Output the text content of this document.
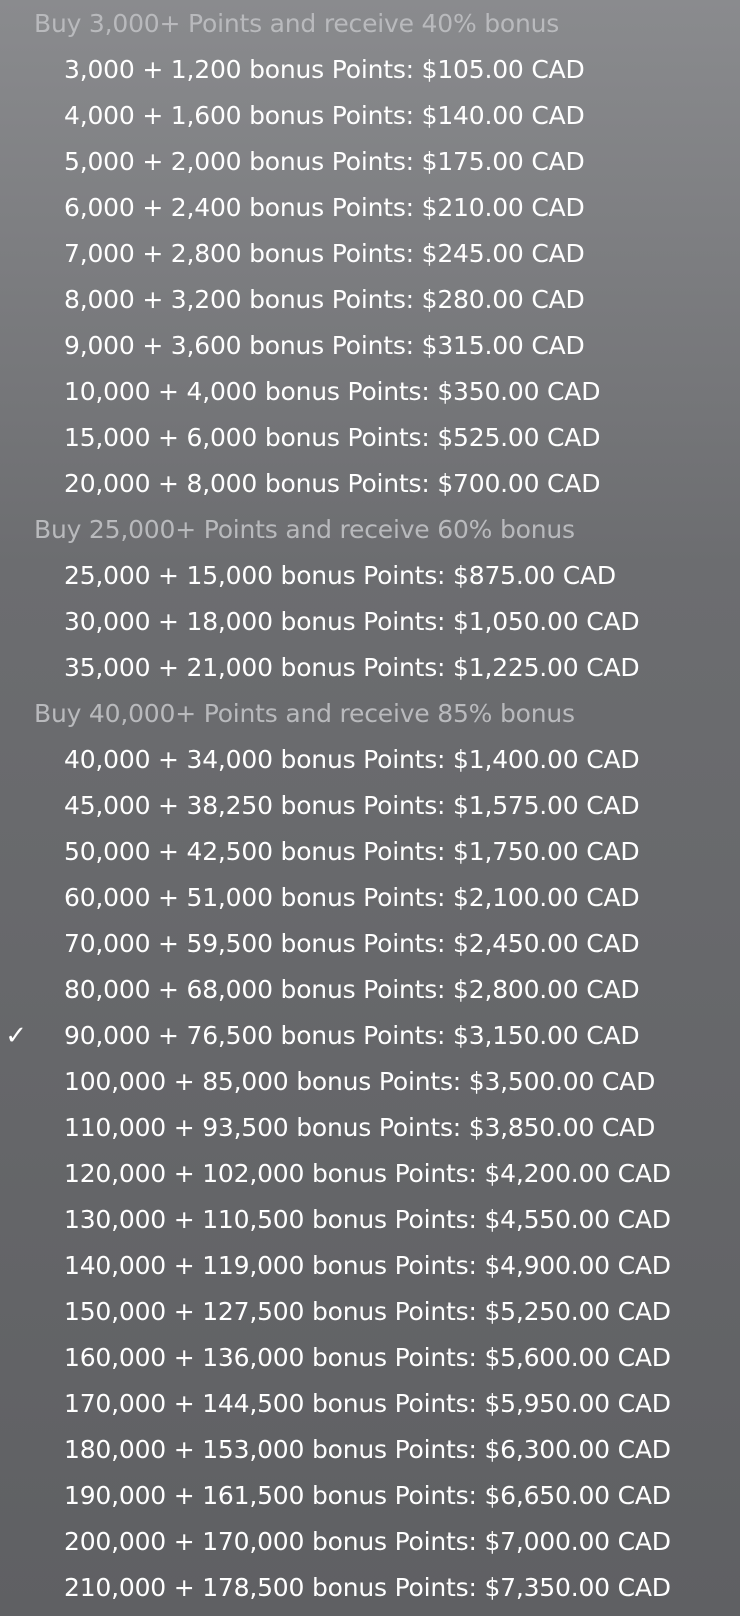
Buy 3,000+ Points and receive 40% bonus
3,000 + 1,200 bonus Points: $105.00 CAD
4,000 + 1,600 bonus Points: $140.00 CAD
5,000 + 2,000 bonus Points: $175.00 CAD
6,000 + 2,400 bonus Points: $210.00 CAD
7,000 + 2,800 bonus Points: $245.00 CAD
8,000 + 3,200 bonus Points: $280.00 CAD
9,000 + 3,600 bonus Points: $315.00 CAD
10,000 + 4,000 bonus Points: $350.00 CAD
15,000 + 6,000 bonus Points: $525.00 CAD
20,000 + 8,000 bonus Points: $700.00 CAD
Buy 25,000+ Points and receive 60% bonus
25,000 + 15,000 bonus Points: $875.00 CAD
30,000 + 18,000 bonus Points: $1,050.00 CAD
35,000 + 21,000 bonus Points: $1,225.00 CAD
Buy 40,000+ Points and receive 85% bonus
40,000 + 34,000 bonus Points: $1,400.00 CAD
45,000 + 38,250 bonus Points: $1,575.00 CAD
50,000 + 42,500 bonus Points: $1,750.00 CAD
60,000 + 51,000 bonus Points: $2,100.00 CAD
70,000 + 59,500 bonus Points: $2,450.00 CAD
80,000 + 68,000 bonus Points: $2,800.00 CAD
✓ 90,000 + 76,500 bonus Points: $3,150.00 CAD
100,000 + 85,000 bonus Points: $3,500.00 CAD
110,000 + 93,500 bonus Points: $3,850.00 CAD
120,000 + 102,000 bonus Points: $4,200.00 CAD
130,000 + 110,500 bonus Points: $4,550.00 CAD
140,000 + 119,000 bonus Points: $4,900.00 CAD
150,000 + 127,500 bonus Points: $5,250.00 CAD
160,000 + 136,000 bonus Points: $5,600.00 CAD
170,000 + 144,500 bonus Points: $5,950.00 CAD
180,000 + 153,000 bonus Points: $6,300.00 CAD
190,000 + 161,500 bonus Points: $6,650.00 CAD
200,000 + 170,000 bonus Points: $7,000.00 CAD
210,000 + 178,500 bonus Points: $7,350.00 CAD
